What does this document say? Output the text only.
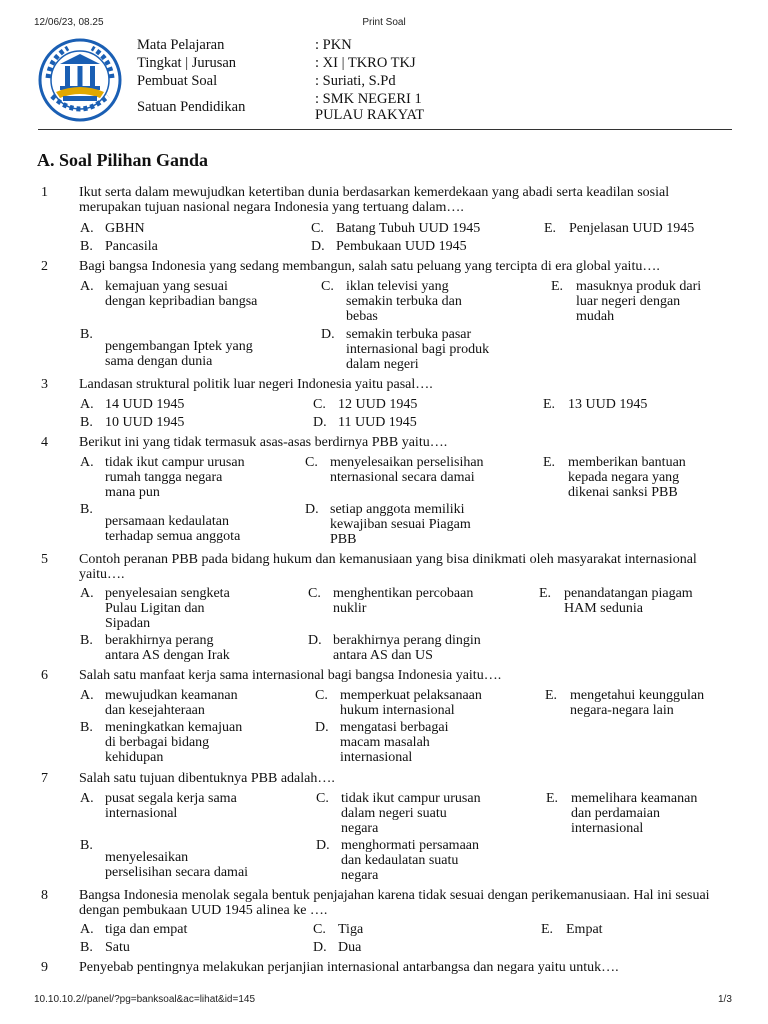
12/06/23, 08.25	Print Soal
Mata Pelajaran	: PKN
Tingkat | Jurusan	: XI | TKRO TKJ
Pembuat Soal	: Suriati, S.Pd
Satuan Pendidikan	: SMK NEGERI 1
PULAU RAKYAT
A. Soal Pilihan Ganda
1 Ikut serta dalam mewujudkan ketertiban dunia berdasarkan kemerdekaan yang abadi serta keadilan sosial merupakan tujuan nasional negara Indonesia yang tertuang dalam….
A. GBHN	C. Batang Tubuh UUD 1945	E. Penjelasan UUD 1945
B. Pancasila	D. Pembukaan UUD 1945
2 Bagi bangsa Indonesia yang sedang membangun, salah satu peluang yang tercipta di era global yaitu….
A. kemajuan yang sesuai
dengan kepribadian bangsa
C. iklan televisi yang
semakin terbuka dan
bebas
E. masuknya produk dari
luar negeri dengan
mudah
B.
pengembangan Iptek yang
sama dengan dunia
D. semakin terbuka pasar
internasional bagi produk
dalam negeri
3 Landasan struktural politik luar negeri Indonesia yaitu pasal….
A. 14 UUD 1945	C. 12 UUD 1945	E. 13 UUD 1945
B. 10 UUD 1945	D. 11 UUD 1945
4 Berikut ini yang tidak termasuk asas-asas berdirnya PBB yaitu….
A. tidak ikut campur urusan
rumah tangga negara
mana pun
C. menyelesaikan perselisihan
nternasional secara damai
E. memberikan bantuan
kepada negara yang
dikenai sanksi PBB
B.
persamaan kedaulatan
terhadap semua anggota
D. setiap anggota memiliki
kewajiban sesuai Piagam
PBB
5 Contoh peranan PBB pada bidang hukum dan kemanusiaan yang bisa dinikmati oleh masyarakat internasional yaitu….
A. penyelesaian sengketa
Pulau Ligitan dan
Sipadan
C. menghentikan percobaan
nuklir
E. penandatangan piagam
HAM sedunia
B. berakhirnya perang
antara AS dengan Irak
D. berakhirnya perang dingin
antara AS dan US
6 Salah satu manfaat kerja sama internasional bagi bangsa Indonesia yaitu….
A. mewujudkan keamanan
dan kesejahteraan
C. memperkuat pelaksanaan
hukum internasional
E. mengetahui keunggulan
negara-negara lain
B. meningkatkan kemajuan
di berbagai bidang
kehidupan
D. mengatasi berbagai
macam masalah
internasional
7 Salah satu tujuan dibentuknya PBB adalah….
A. pusat segala kerja sama
internasional
C. tidak ikut campur urusan
dalam negeri suatu
negara
E. memelihara keamanan
dan perdamaian
internasional
B.
menyelesaikan
perselisihan secara damai
D. menghormati persamaan
dan kedaulatan suatu
negara
8 Bangsa Indonesia menolak segala bentuk penjajahan karena tidak sesuai dengan perikemanusiaan. Hal ini sesuai dengan pembukaan UUD 1945 alinea ke ….
A. tiga dan empat	C. Tiga	E. Empat
B. Satu	D. Dua
9 Penyebab pentingnya melakukan perjanjian internasional antarbangsa dan negara yaitu untuk….
10.10.10.2//panel/?pg=banksoal&ac=lihat&id=145	1/3
